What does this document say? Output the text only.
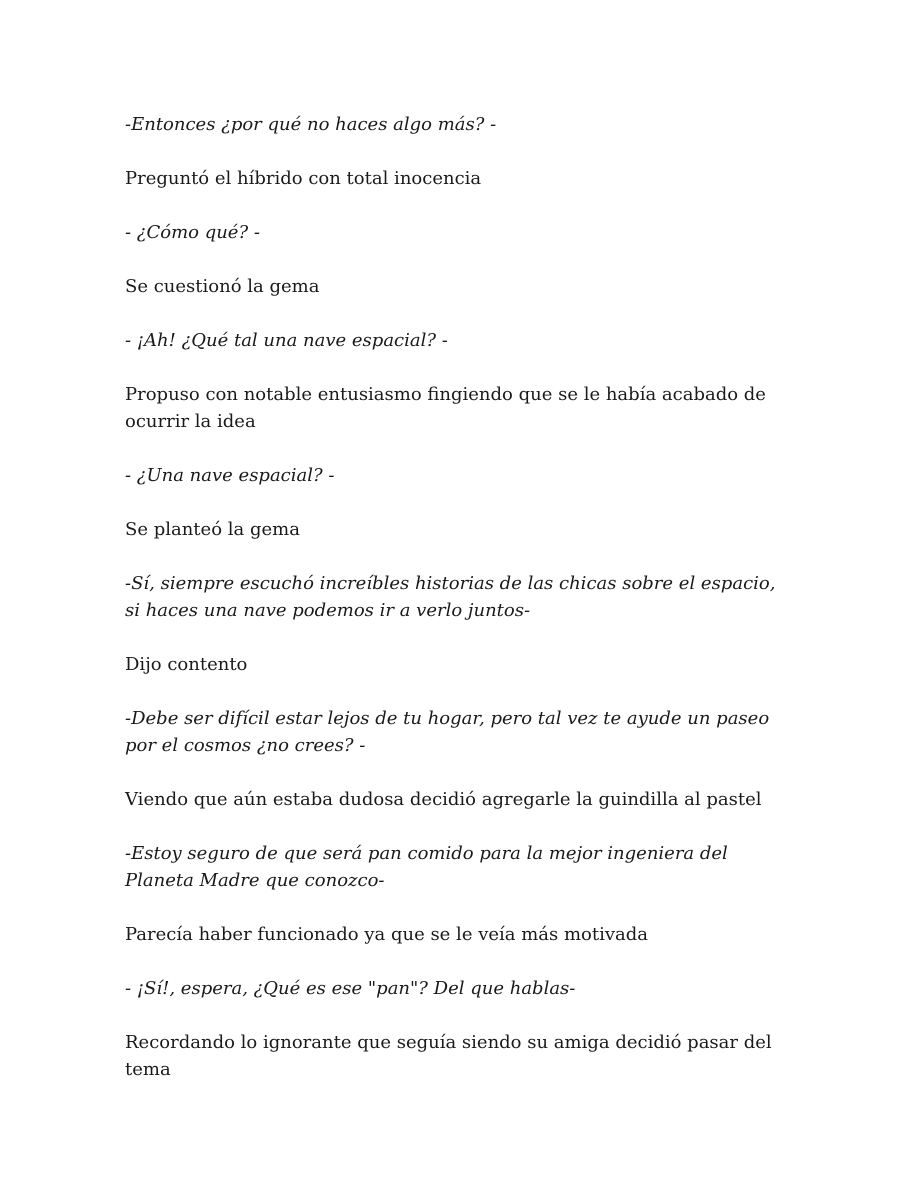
-Entonces ¿por qué no haces algo más? -

Preguntó el híbrido con total inocencia

- ¿Cómo qué? -

Se cuestionó la gema

- ¡Ah! ¿Qué tal una nave espacial? -

Propuso con notable entusiasmo fingiendo que se le había acabado de ocurrir la idea

- ¿Una nave espacial? -

Se planteó la gema

-Sí, siempre escuchó increíbles historias de las chicas sobre el espacio, si haces una nave podemos ir a verlo juntos-

Dijo contento

-Debe ser difícil estar lejos de tu hogar, pero tal vez te ayude un paseo por el cosmos ¿no crees? -

Viendo que aún estaba dudosa decidió agregarle la guindilla al pastel

-Estoy seguro de que será pan comido para la mejor ingeniera del Planeta Madre que conozco-

Parecía haber funcionado ya que se le veía más motivada

- ¡Sí!, espera, ¿Qué es ese "pan"? Del que hablas-

Recordando lo ignorante que seguía siendo su amiga decidió pasar del tema
